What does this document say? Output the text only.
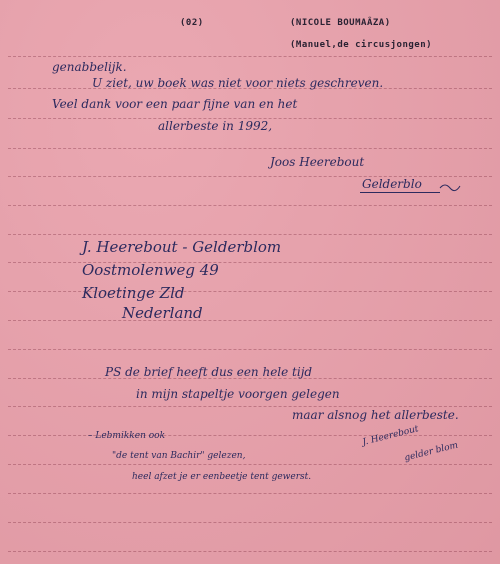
(02)	(NICOLE BOUMAÂZA)
(Manuel,de circusjongen)
genabbelijk.
U ziet, uw boek was niet voor niets geschreven.
Veel dank voor een paar fijne van en het
allerbeste in 1992,
Joos Heerebout
Gelderblo
J. Heerebout - Gelderblom
Oostmolenweg 49
Kloetinge Zld
Nederland
PS de brief heeft dus een hele tijd
in mijn stapeltje voorgen gelegen
maar alsnog het allerbeste.
– Lebmikken ook
"de tent van Bachir" gelezen,
heel afzet je er eenbeetje tent gewerst.
J. Heerebout
gelder blom
